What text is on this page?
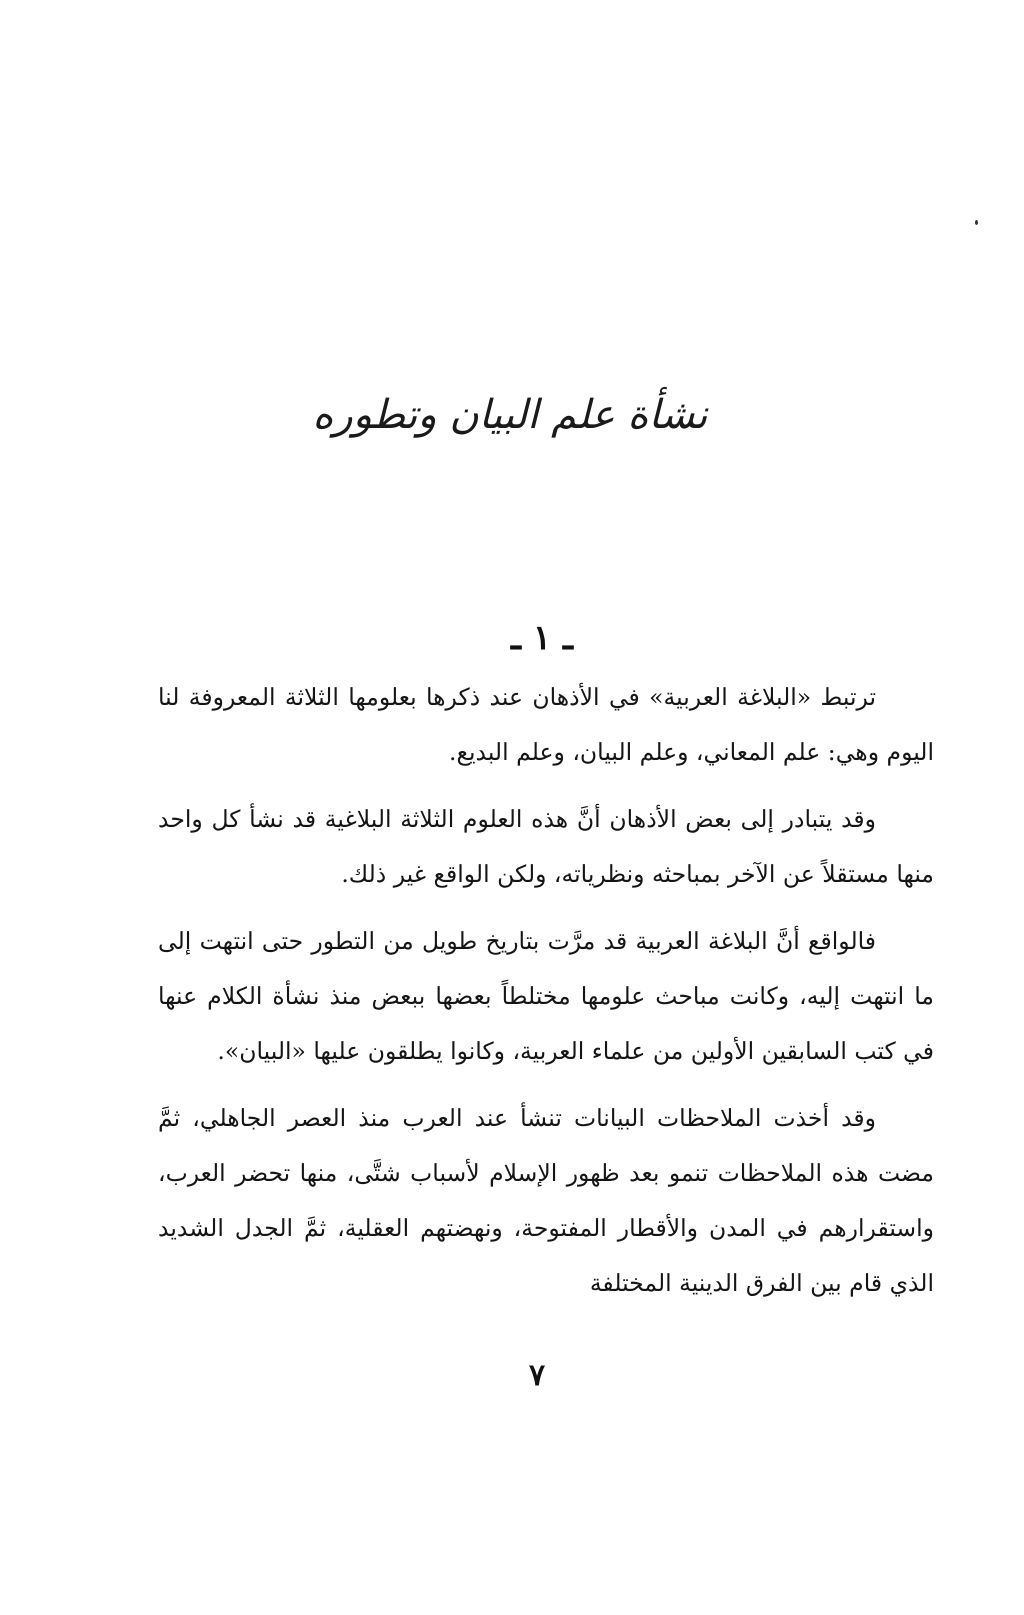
نشأة علم البيان وتطوره
ـ ١ ـ

ترتبط «البلاغة العربية» في الأذهان عند ذكرها بعلومها الثلاثة المعروفة لنا اليوم وهي: علم المعاني، وعلم البيان، وعلم البديع.

وقد يتبادر إلى بعض الأذهان أنَّ هذه العلوم الثلاثة البلاغية قد نشأ كل واحد منها مستقلاً عن الآخر بمباحثه ونظرياته، ولكن الواقع غير ذلك.

فالواقع أنَّ البلاغة العربية قد مرَّت بتاريخ طويل من التطور حتى انتهت إلى ما انتهت إليه، وكانت مباحث علومها مختلطاً بعضها ببعض منذ نشأة الكلام عنها في كتب السابقين الأولين من علماء العربية، وكانوا يطلقون عليها «البيان».

وقد أخذت الملاحظات البيانات تنشأ عند العرب منذ العصر الجاهلي، ثمَّ مضت هذه الملاحظات تنمو بعد ظهور الإسلام لأسباب شتَّى، منها تحضر العرب، واستقرارهم في المدن والأقطار المفتوحة، ونهضتهم العقلية، ثمَّ الجدل الشديد الذي قام بين الفرق الدينية المختلفة

٧
